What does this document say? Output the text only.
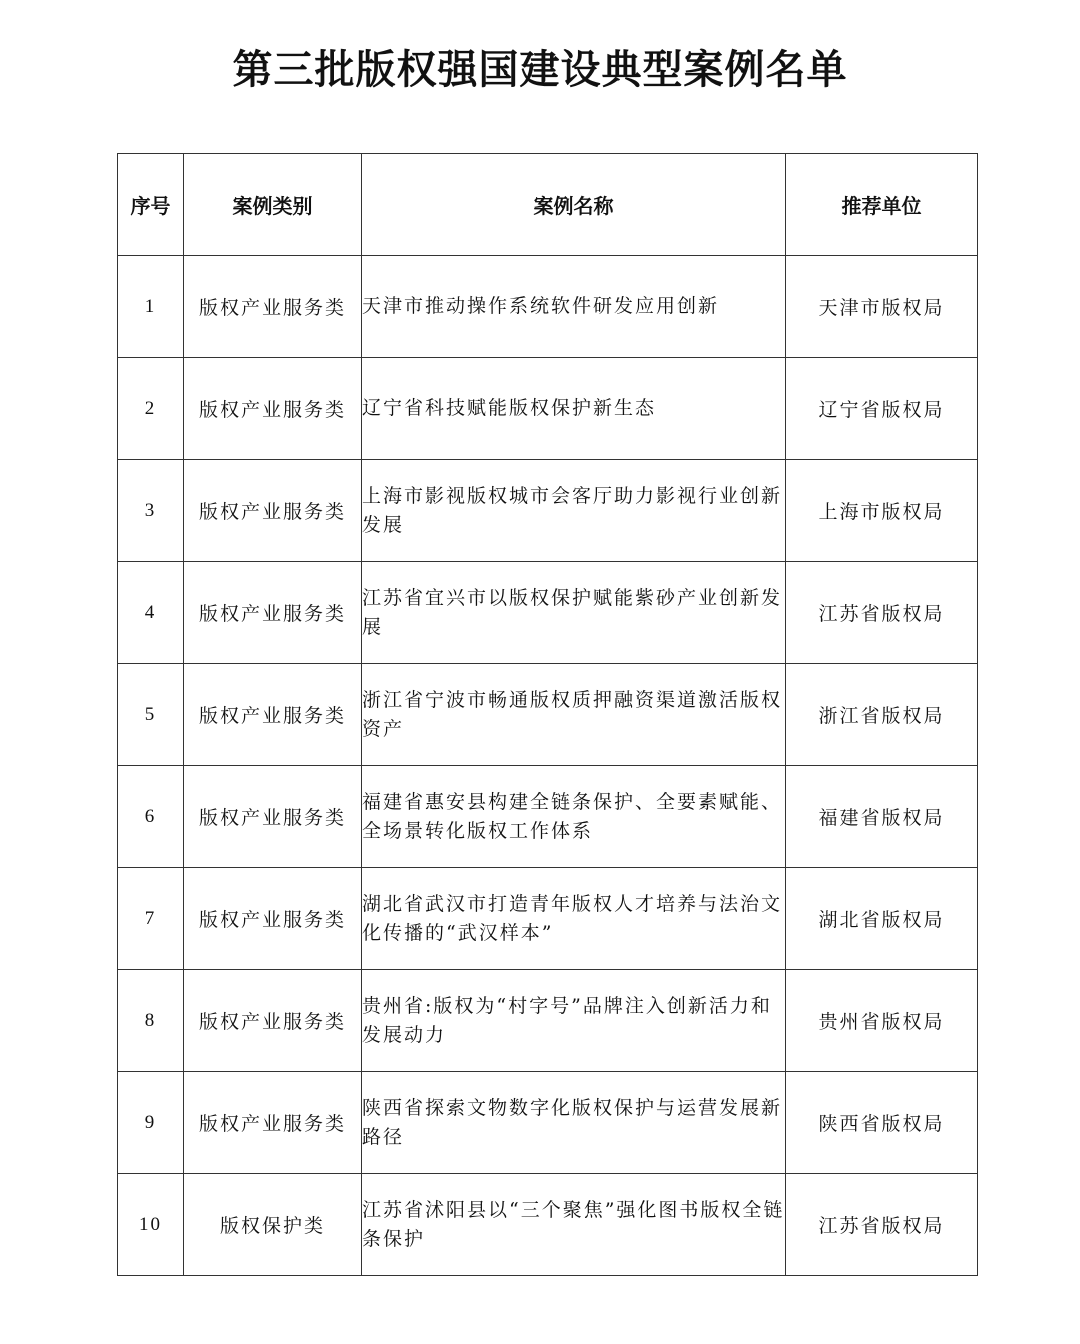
第三批版权强国建设典型案例名单
序号	案例类别	案例名称	推荐单位
1	版权产业服务类	天津市推动操作系统软件研发应用创新	天津市版权局
2	版权产业服务类	辽宁省科技赋能版权保护新生态	辽宁省版权局
3	版权产业服务类	上海市影视版权城市会客厅助力影视行业创新发展	上海市版权局
4	版权产业服务类	江苏省宜兴市以版权保护赋能紫砂产业创新发展	江苏省版权局
5	版权产业服务类	浙江省宁波市畅通版权质押融资渠道激活版权资产	浙江省版权局
6	版权产业服务类	福建省惠安县构建全链条保护、全要素赋能、全场景转化版权工作体系	福建省版权局
7	版权产业服务类	湖北省武汉市打造青年版权人才培养与法治文化传播的“武汉样本”	湖北省版权局
8	版权产业服务类	贵州省:版权为“村字号”品牌注入创新活力和发展动力	贵州省版权局
9	版权产业服务类	陕西省探索文物数字化版权保护与运营发展新路径	陕西省版权局
10	版权保护类	江苏省沭阳县以“三个聚焦”强化图书版权全链条保护	江苏省版权局
